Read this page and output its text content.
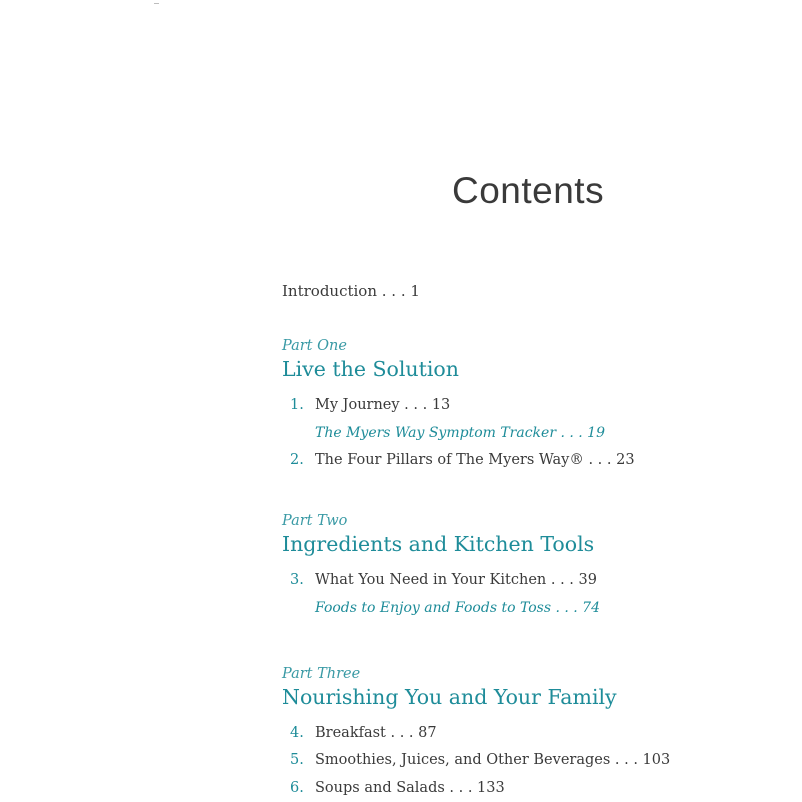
Contents
Introduction . . . 1
Part One
Live the Solution
1. My Journey . . . 13
The Myers Way Symptom Tracker . . . 19
2. The Four Pillars of The Myers Way® . . . 23
Part Two
Ingredients and Kitchen Tools
3. What You Need in Your Kitchen . . . 39
Foods to Enjoy and Foods to Toss . . . 74
Part Three
Nourishing You and Your Family
4. Breakfast . . . 87
5. Smoothies, Juices, and Other Beverages . . . 103
6. Soups and Salads . . . 133
